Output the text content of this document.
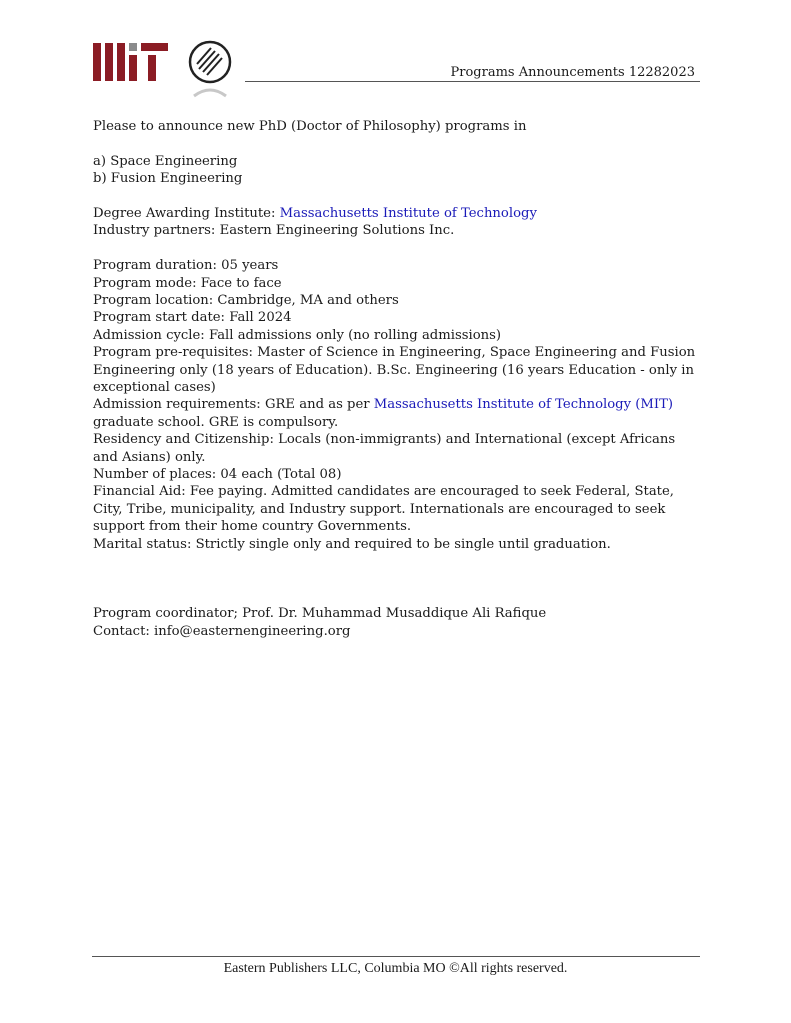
Programs Announcements 12282023

Please to announce new PhD (Doctor of Philosophy) programs in

a) Space Engineering

b) Fusion Engineering

Degree Awarding Institute: Massachusetts Institute of Technology

Industry partners: Eastern Engineering Solutions Inc.

Program duration: 05 years

Program mode: Face to face

Program location: Cambridge, MA and others

Program start date: Fall 2024

Admission cycle: Fall admissions only (no rolling admissions)

Program pre-requisites: Master of Science in Engineering, Space Engineering and Fusion Engineering only (18 years of Education). B.Sc. Engineering (16 years Education - only in exceptional cases)

Admission requirements: GRE and as per Massachusetts Institute of Technology (MIT) graduate school. GRE is compulsory.

Residency and Citizenship: Locals (non-immigrants) and International (except Africans and Asians) only.

Number of places: 04 each (Total 08)

Financial Aid: Fee paying. Admitted candidates are encouraged to seek Federal, State, City, Tribe, municipality, and Industry support. Internationals are encouraged to seek support from their home country Governments.

Marital status: Strictly single only and required to be single until graduation.

Program coordinator; Prof. Dr. Muhammad Musaddique Ali Rafique

Contact: info@easternengineering.org

Eastern Publishers LLC, Columbia MO ©All rights reserved.
